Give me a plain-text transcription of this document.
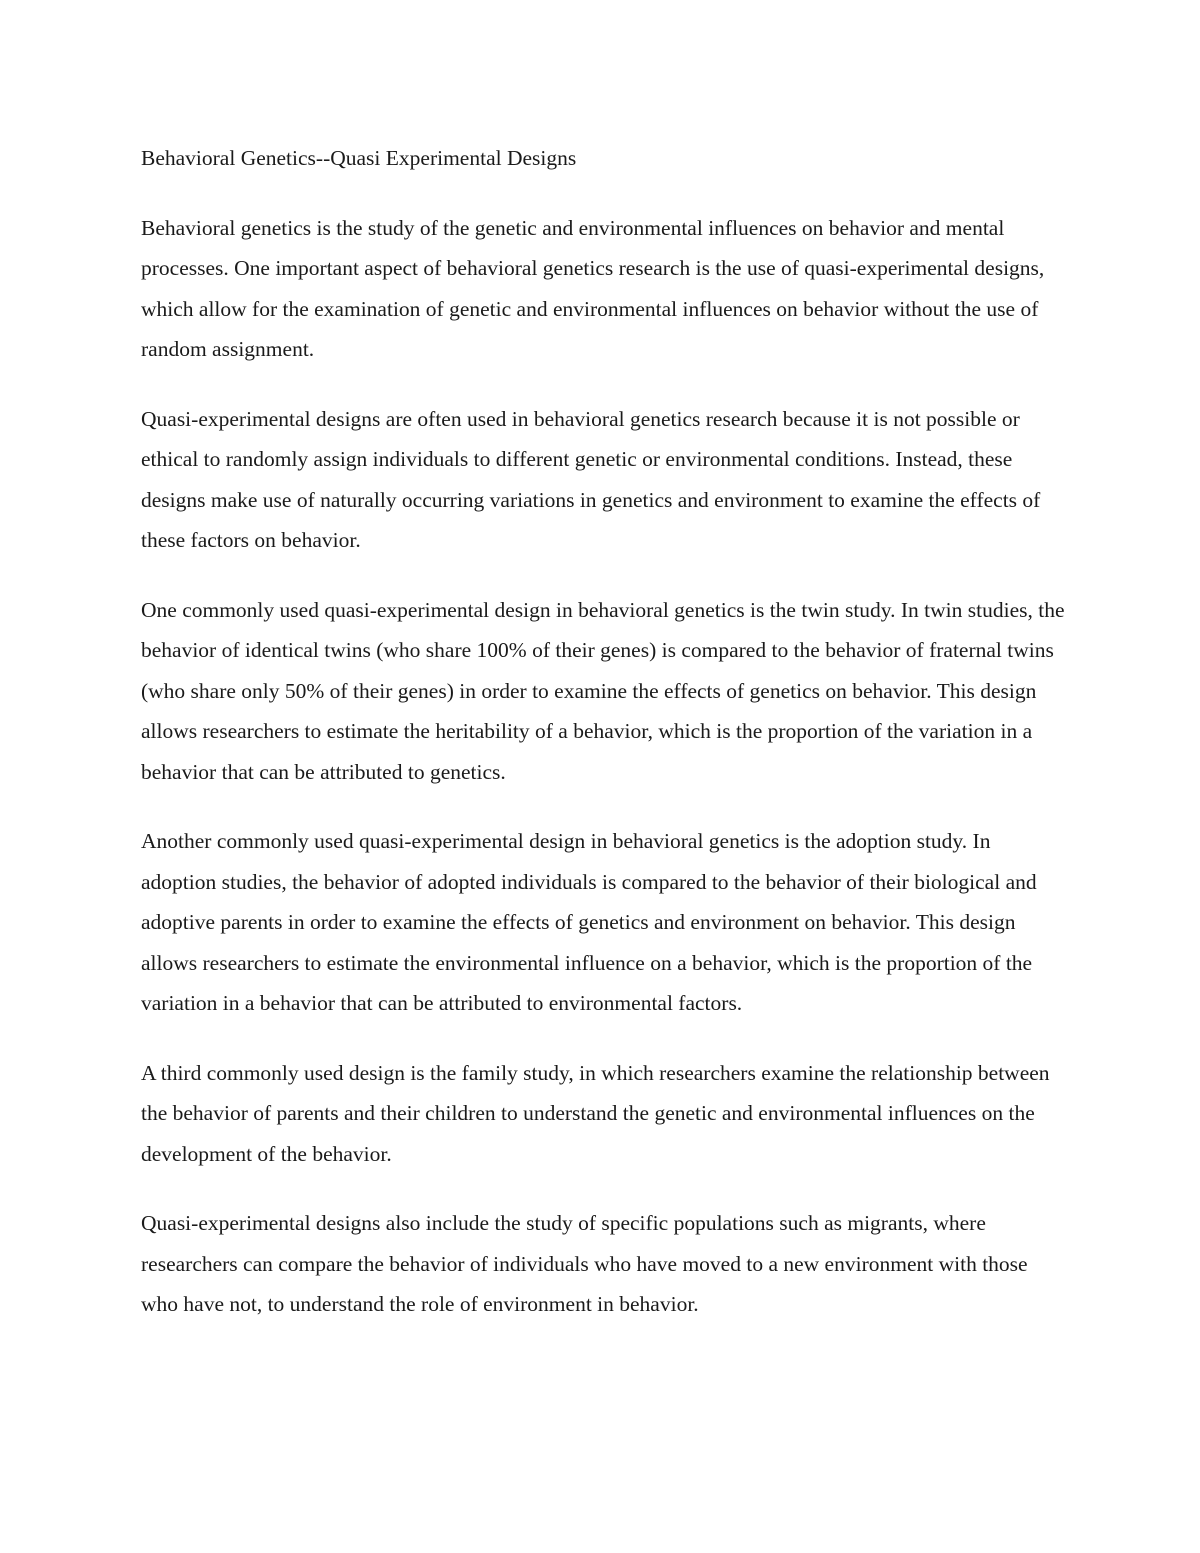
Behavioral Genetics--Quasi Experimental Designs

Behavioral genetics is the study of the genetic and environmental influences on behavior and mental processes. One important aspect of behavioral genetics research is the use of quasi-experimental designs, which allow for the examination of genetic and environmental influences on behavior without the use of random assignment.

Quasi-experimental designs are often used in behavioral genetics research because it is not possible or ethical to randomly assign individuals to different genetic or environmental conditions. Instead, these designs make use of naturally occurring variations in genetics and environment to examine the effects of these factors on behavior.

One commonly used quasi-experimental design in behavioral genetics is the twin study. In twin studies, the behavior of identical twins (who share 100% of their genes) is compared to the behavior of fraternal twins (who share only 50% of their genes) in order to examine the effects of genetics on behavior. This design allows researchers to estimate the heritability of a behavior, which is the proportion of the variation in a behavior that can be attributed to genetics.

Another commonly used quasi-experimental design in behavioral genetics is the adoption study. In adoption studies, the behavior of adopted individuals is compared to the behavior of their biological and adoptive parents in order to examine the effects of genetics and environment on behavior. This design allows researchers to estimate the environmental influence on a behavior, which is the proportion of the variation in a behavior that can be attributed to environmental factors.

A third commonly used design is the family study, in which researchers examine the relationship between the behavior of parents and their children to understand the genetic and environmental influences on the development of the behavior.

Quasi-experimental designs also include the study of specific populations such as migrants, where researchers can compare the behavior of individuals who have moved to a new environment with those who have not, to understand the role of environment in behavior.
